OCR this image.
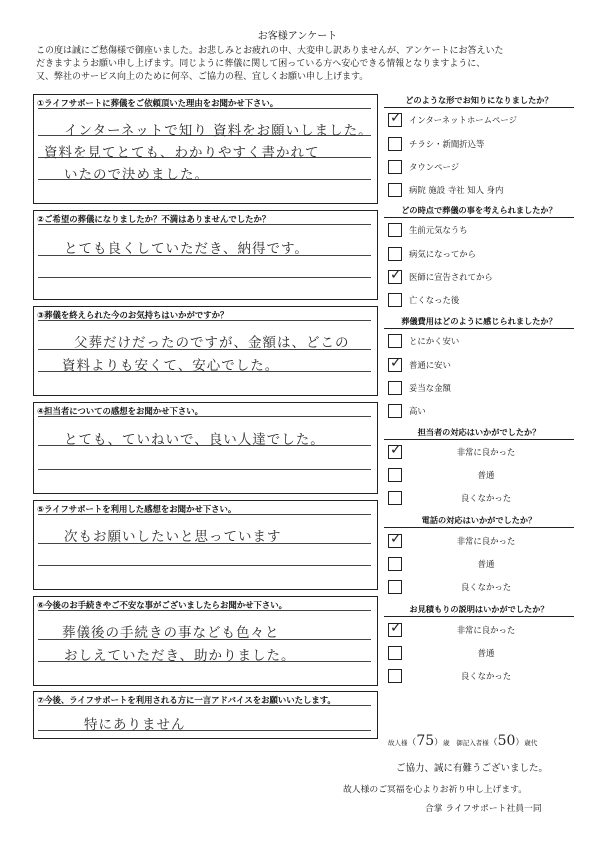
お客様アンケート
この度は誠にご愁傷様で御座いました。お悲しみとお疲れの中、大変申し訳ありませんが、アンケートにお答えいた
だきますようお願い申し上げます。同じように葬儀に関して困っている方へ安心できる情報となりますように、
又、弊社のサービス向上のために何卒、ご協力の程、宜しくお願い申し上げます。
①ライフサポートに葬儀をご依頼頂いた理由をお聞かせ下さい。
インターネットで知り 資料をお願いしました。
資料を見てとても、わかりやすく書かれて
いたので決めました。
②ご希望の葬儀になりましたか？不満はありませんでしたか？
とても良くしていただき、納得です。
③葬儀を終えられた今のお気持ちはいかがですか？
父葬だけだったのですが、金額は、どこの
資料よりも安くて、安心でした。
④担当者についての感想をお聞かせ下さい。
とても、ていねいで、良い人達でした。
⑤ライフサポートを利用した感想をお聞かせ下さい。
次もお願いしたいと思っています
⑥今後のお手続きやご不安な事がございましたらお聞かせ下さい。
葬儀後の手続きの事なども色々と
おしえていただき、助かりました。
⑦今後、ライフサポートを利用される方に一言アドバイスをお願いいたします。
特にありません
どのような形でお知りになりましたか？
✓ インターネットホームページ
チラシ・新聞折込等
タウンページ
病院 施設 寺社 知人 身内
どの時点で葬儀の事を考えられましたか？
生前元気なうち
病気になってから
✓ 医師に宣告されてから
亡くなった後
葬儀費用はどのように感じられましたか？
とにかく安い
✓ 普通に安い
妥当な金額
高い
担当者の対応はいかがでしたか？
✓	非常に良かった
普通
良くなかった
電話の対応はいかがでしたか？
✓	非常に良かった
普通
良くなかった
お見積もりの説明はいかがでしたか？
✓	非常に良かった
普通
良くなかった
故人様（75）歳 御記入者様（50）歳代
ご協力、誠に有難うございました。
故人様のご冥福を心よりお祈り申し上げます。
合掌 ライフサポート社員一同
